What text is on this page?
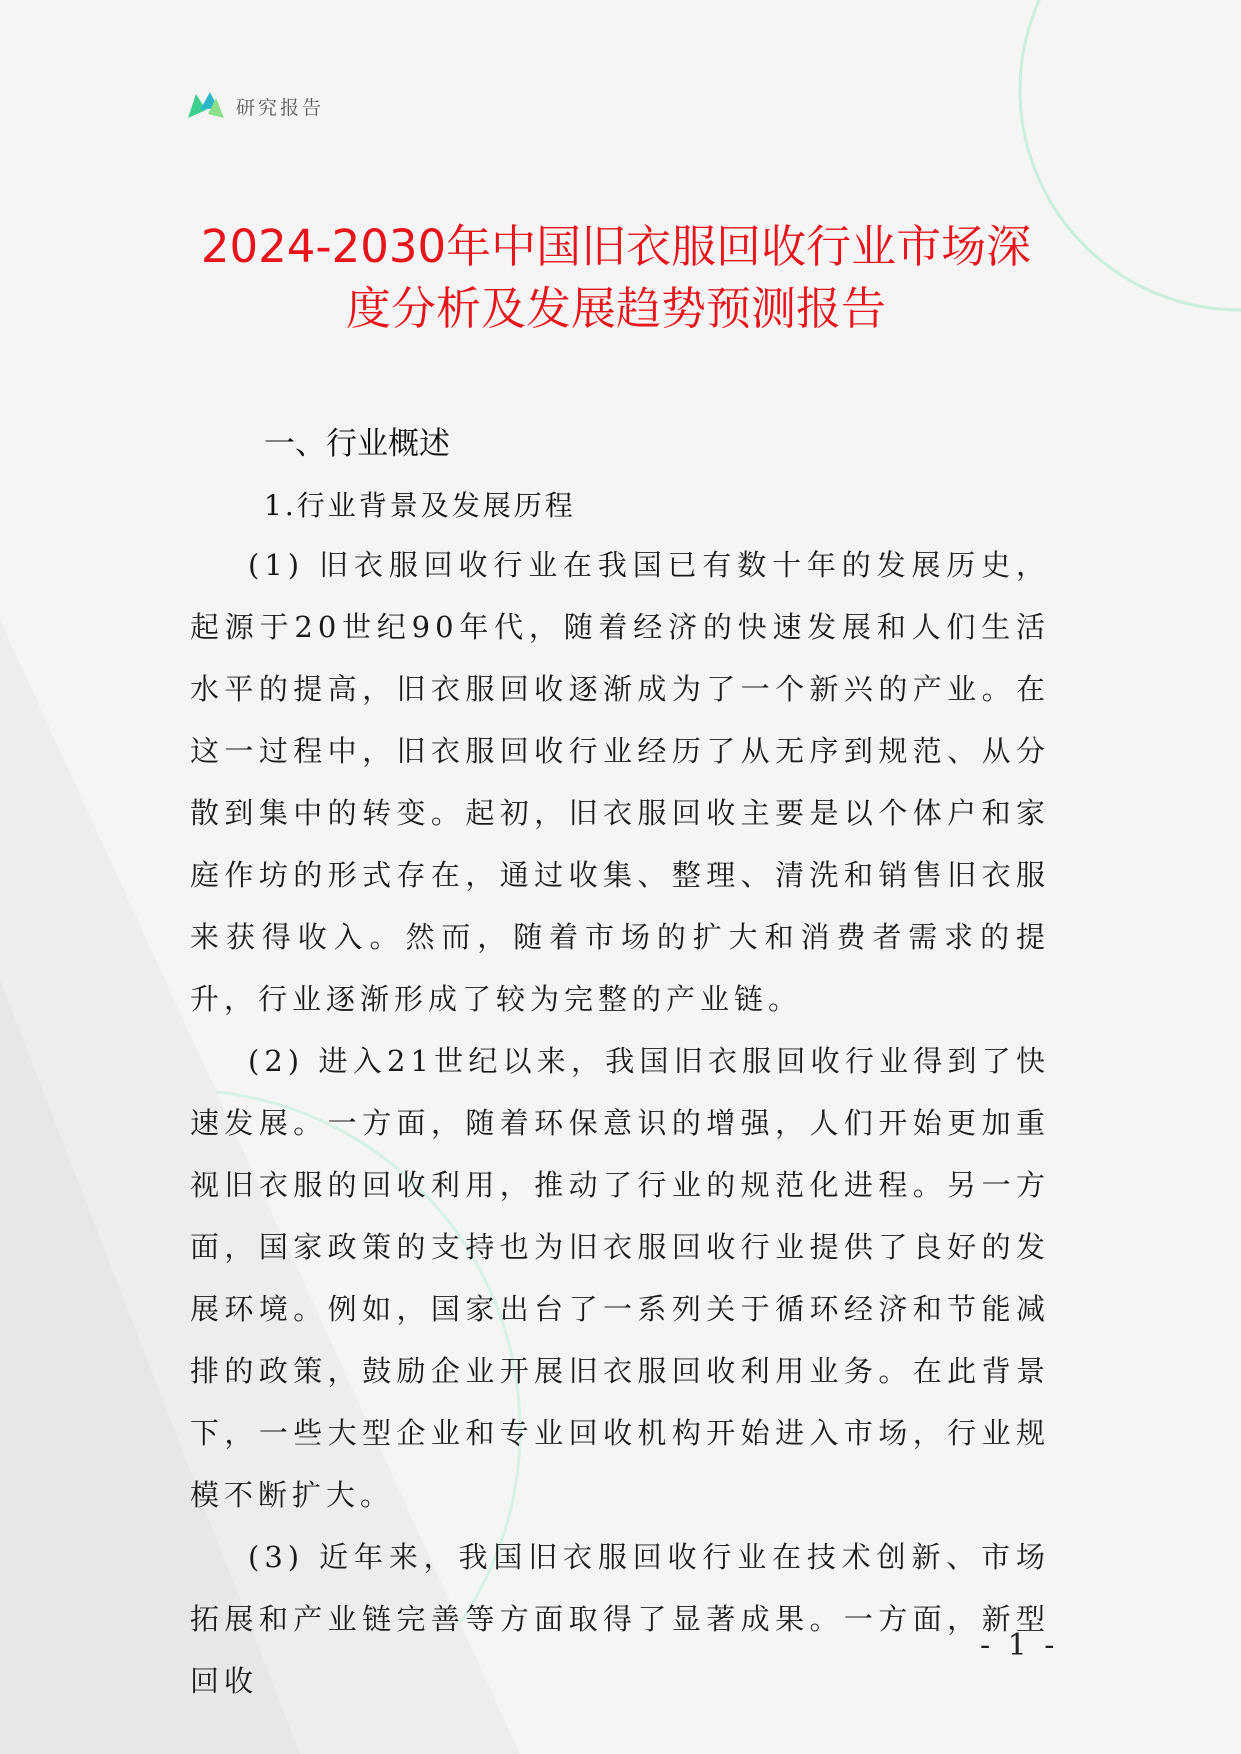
研究报告
2024-2030年中国旧衣服回收行业市场深度分析及发展趋势预测报告
一、行业概述
1.行业背景及发展历程

(1) 旧衣服回收行业在我国已有数十年的发展历史，起源于20世纪90年代，随着经济的快速发展和人们生活水平的提高，旧衣服回收逐渐成为了一个新兴的产业。在这一过程中，旧衣服回收行业经历了从无序到规范、从分散到集中的转变。起初，旧衣服回收主要是以个体户和家庭作坊的形式存在，通过收集、整理、清洗和销售旧衣服来获得收入。然而，随着市场的扩大和消费者需求的提升，行业逐渐形成了较为完整的产业链。

(2) 进入21世纪以来，我国旧衣服回收行业得到了快速发展。一方面，随着环保意识的增强，人们开始更加重视旧衣服的回收利用，推动了行业的规范化进程。另一方面，国家政策的支持也为旧衣服回收行业提供了良好的发展环境。例如，国家出台了一系列关于循环经济和节能减排的政策，鼓励企业开展旧衣服回收利用业务。在此背景下，一些大型企业和专业回收机构开始进入市场，行业规模不断扩大。

(3) 近年来，我国旧衣服回收行业在技术创新、市场拓展和产业链完善等方面取得了显著成果。一方面，新型回收

- 1 -
